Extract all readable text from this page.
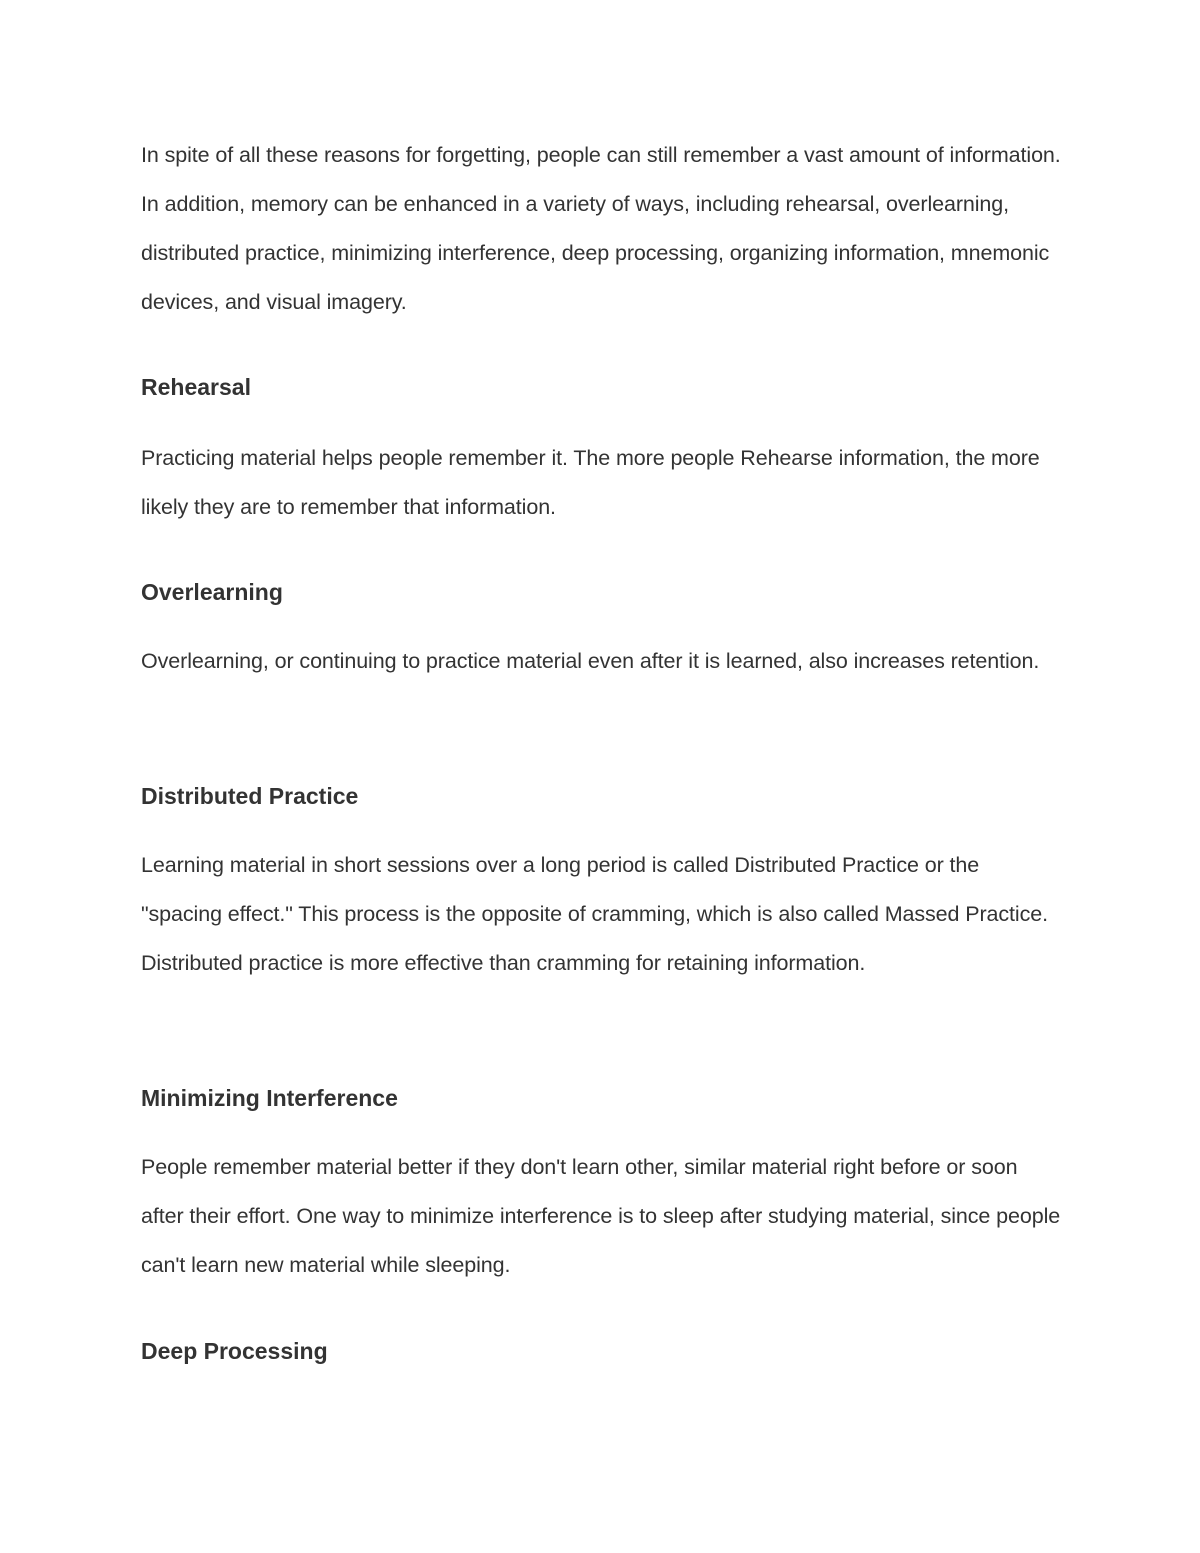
In spite of all these reasons for forgetting, people can still remember a vast amount of information. In addition, memory can be enhanced in a variety of ways, including rehearsal, overlearning, distributed practice, minimizing interference, deep processing, organizing information, mnemonic devices, and visual imagery.

Rehearsal

Practicing material helps people remember it. The more people Rehearse information, the more likely they are to remember that information.

Overlearning

Overlearning, or continuing to practice material even after it is learned, also increases retention.

Distributed Practice

Learning material in short sessions over a long period is called Distributed Practice or the "spacing effect." This process is the opposite of cramming, which is also called Massed Practice. Distributed practice is more effective than cramming for retaining information.

Minimizing Interference

People remember material better if they don't learn other, similar material right before or soon after their effort. One way to minimize interference is to sleep after studying material, since people can't learn new material while sleeping.

Deep Processing
